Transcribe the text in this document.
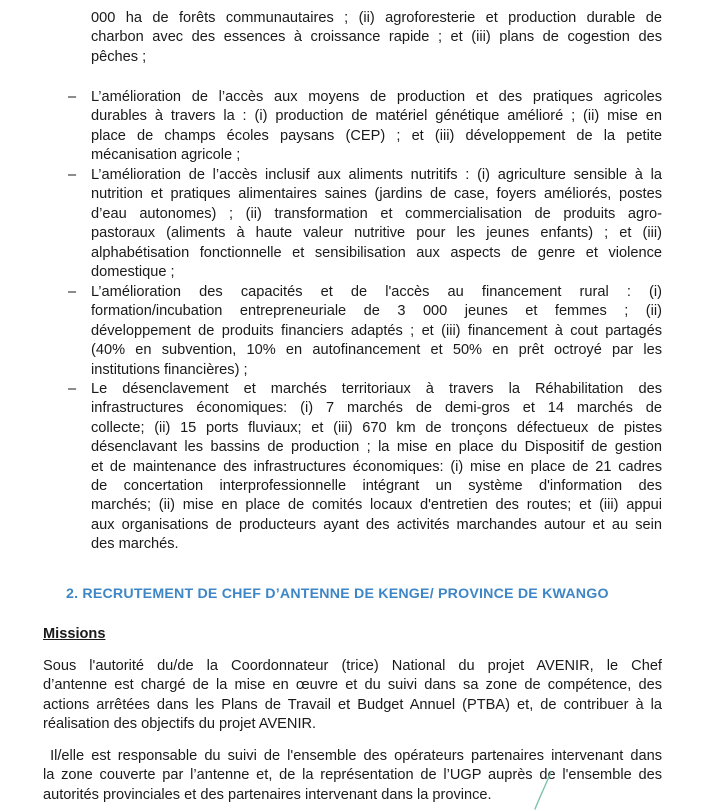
000 ha de forêts communautaires ; (ii) agroforesterie et production durable de
charbon avec des essences à croissance rapide ; et (iii) plans de cogestion des
pêches ;
– L’amélioration de l’accès aux moyens de production et des pratiques agricoles
durables à travers la : (i) production de matériel génétique amélioré ; (ii) mise en
place de champs écoles paysans (CEP) ; et (iii) développement de la petite
mécanisation agricole ;
– L’amélioration de l’accès inclusif aux aliments nutritifs : (i) agriculture sensible à la
nutrition et pratiques alimentaires saines (jardins de case, foyers améliorés, postes
d’eau autonomes) ; (ii) transformation et commercialisation de produits agro-
pastoraux (aliments à haute valeur nutritive pour les jeunes enfants) ; et (iii)
alphabétisation fonctionnelle et sensibilisation aux aspects de genre et violence
domestique ;
– L’amélioration des capacités et de l'accès au financement rural : (i)
formation/incubation entrepreneuriale de 3 000 jeunes et femmes ; (ii)
développement de produits financiers adaptés ; et (iii) financement à cout partagés
(40% en subvention, 10% en autofinancement et 50% en prêt octroyé par les
institutions financières) ;
– Le désenclavement et marchés territoriaux à travers la Réhabilitation des
infrastructures économiques: (i) 7 marchés de demi-gros et 14 marchés de
collecte; (ii) 15 ports fluviaux; et (iii) 670 km de tronçons défectueux de pistes
désenclavant les bassins de production ; la mise en place du Dispositif de gestion
et de maintenance des infrastructures économiques: (i) mise en place de 21 cadres
de concertation interprofessionnelle intégrant un système d'information des
marchés; (ii) mise en place de comités locaux d'entretien des routes; et (iii) appui
aux organisations de producteurs ayant des activités marchandes autour et au sein
des marchés.
2. RECRUTEMENT DE CHEF D’ANTENNE DE KENGE/ PROVINCE DE KWANGO
Missions
Sous l'autorité du/de la Coordonnateur (trice) National du projet AVENIR, le Chef
d’antenne est chargé de la mise en œuvre et du suivi dans sa zone de compétence, des
actions arrêtées dans les Plans de Travail et Budget Annuel (PTBA) et, de contribuer à la
réalisation des objectifs du projet AVENIR.
Il/elle est responsable du suivi de l'ensemble des opérateurs partenaires intervenant dans
la zone couverte par l’antenne et, de la représentation de l’UGP auprès de l'ensemble des
autorités provinciales et des partenaires intervenant dans la province.
